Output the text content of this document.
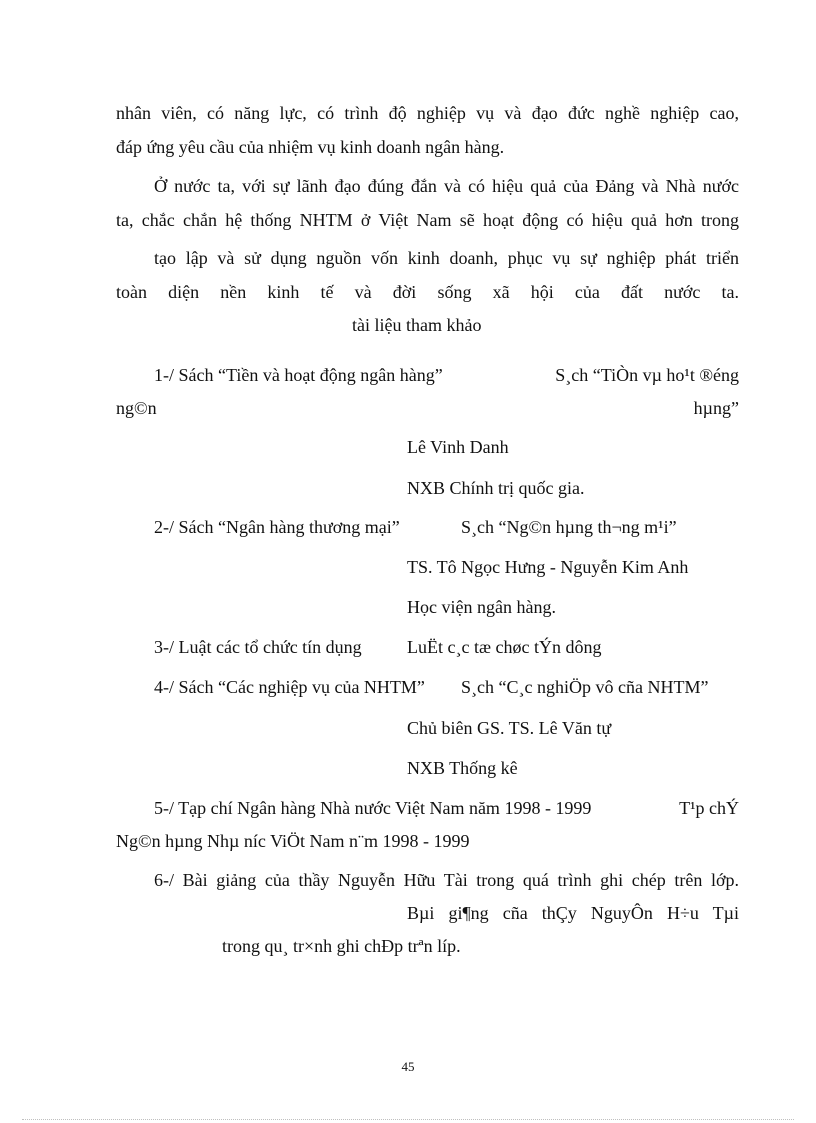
nhân viên, có năng lực, có trình độ nghiệp vụ và đạo đức nghề nghiệp cao,
đáp ứng yêu cầu của nhiệm vụ kinh doanh ngân hàng.
Ở nước ta, với sự lãnh đạo đúng đắn và có hiệu quả của Đảng và Nhà nước
ta, chắc chắn hệ thống NHTM ở Việt Nam sẽ hoạt động có hiệu quả hơn trong
tạo lập và sử dụng nguồn vốn kinh doanh, phục vụ sự nghiệp phát triển
toàn diện nền kinh tế và đời sống xã hội của đất nước ta.
tài liệu tham khảo
1-/ Sách “Tiền và hoạt động ngân hàng”	S¸ch “TiÒn vµ ho¹t ®éng
ng©n	hµng”
Lê Vinh Danh
NXB Chính trị quốc gia.
2-/ Sách “Ngân hàng thương mại”	S¸ch “Ng©n hµng th¬ng m¹i”
TS. Tô Ngọc Hưng - Nguyễn Kim Anh
Học viện ngân hàng.
3-/ Luật các tổ chức tín dụng	LuËt c¸c tæ chøc tÝn dông
4-/ Sách “Các nghiệp vụ của NHTM” S¸ch “C¸c nghiÖp vô cña NHTM”
Chủ biên GS. TS. Lê Văn tự
NXB Thống kê
5-/ Tạp chí Ngân hàng Nhà nước Việt Nam năm 1998 - 1999	T¹p chÝ
Ng©n hµng Nhµ níc ViÖt Nam n¨m 1998 - 1999
6-/ Bài giảng của thầy Nguyễn Hữu Tài trong quá trình ghi chép trên lớp.
Bµi gi¶ng cña thÇy NguyÔn H÷u Tµi
trong qu¸ tr×nh ghi chÐp trªn líp.
45
